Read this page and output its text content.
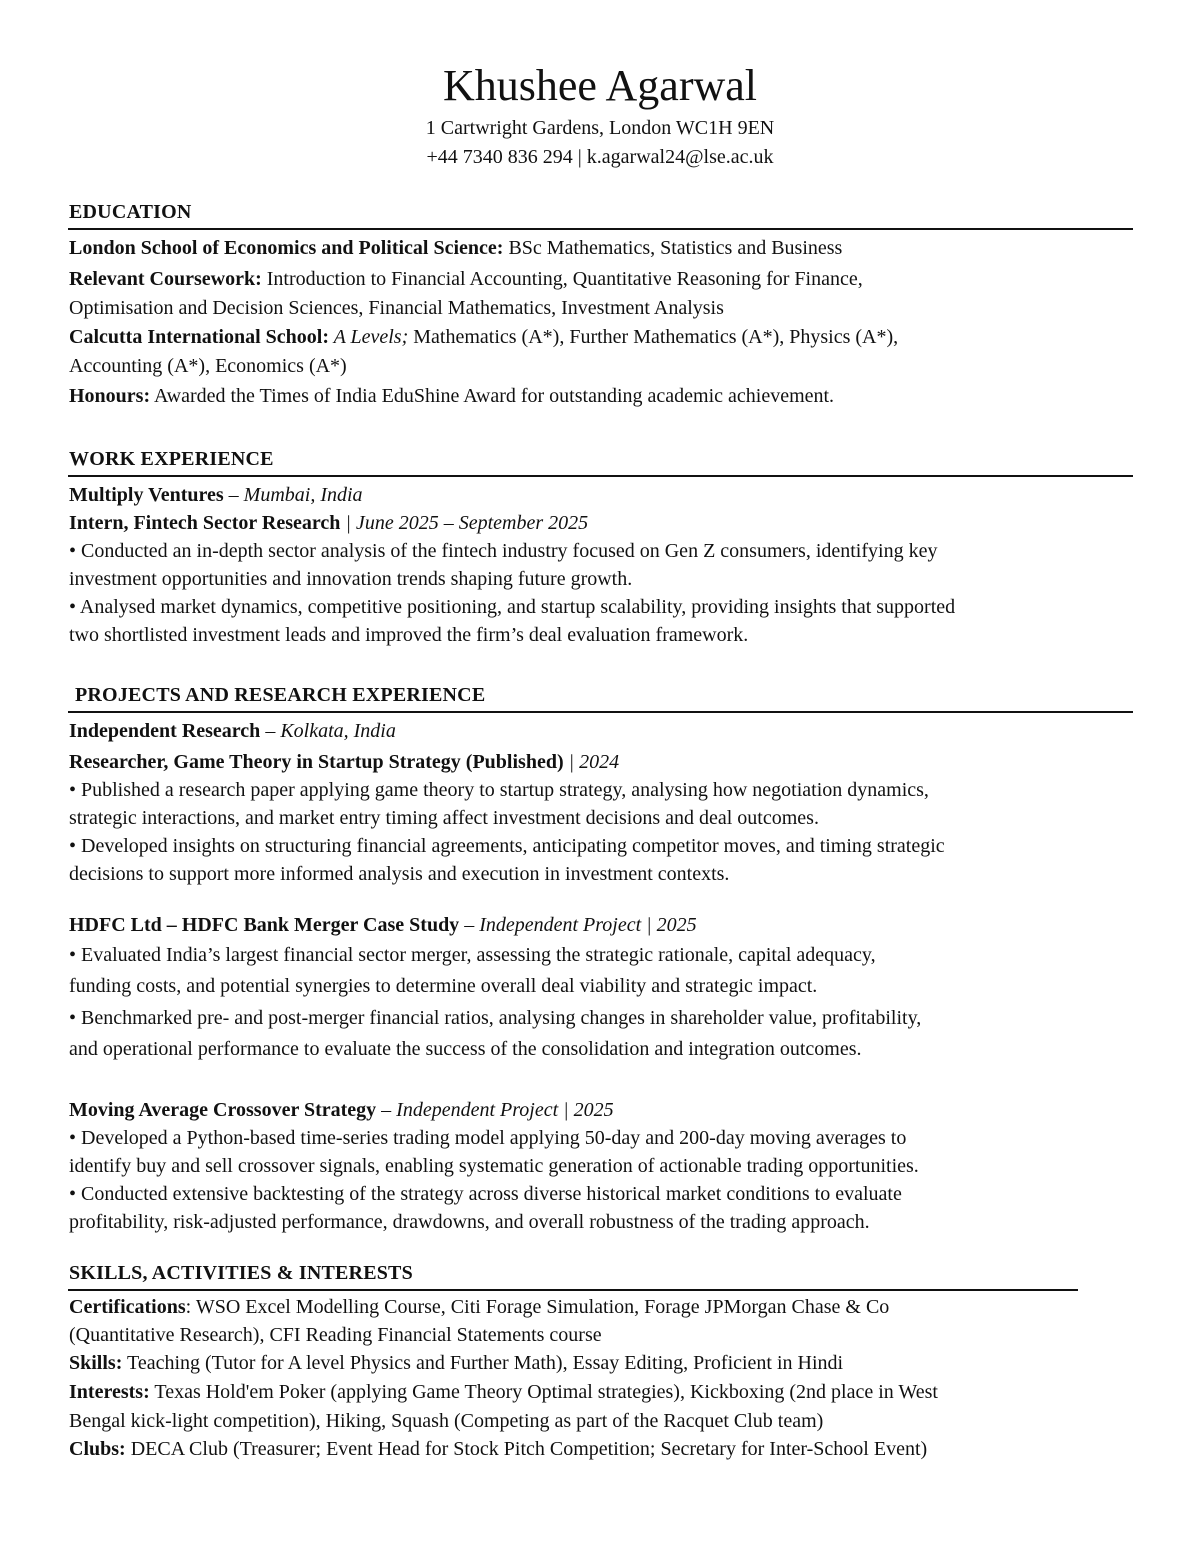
Khushee Agarwal
1 Cartwright Gardens, London WC1H 9EN
+44 7340 836 294 | k.agarwal24@lse.ac.uk
EDUCATION
London School of Economics and Political Science: BSc Mathematics, Statistics and Business
Relevant Coursework: Introduction to Financial Accounting, Quantitative Reasoning for Finance,
Optimisation and Decision Sciences, Financial Mathematics, Investment Analysis
Calcutta International School: A Levels; Mathematics (A*), Further Mathematics (A*), Physics (A*),
Accounting (A*), Economics (A*)
Honours: Awarded the Times of India EduShine Award for outstanding academic achievement.
WORK EXPERIENCE
Multiply Ventures – Mumbai, India
Intern, Fintech Sector Research | June 2025 – September 2025
• Conducted an in-depth sector analysis of the fintech industry focused on Gen Z consumers, identifying key
investment opportunities and innovation trends shaping future growth.
• Analysed market dynamics, competitive positioning, and startup scalability, providing insights that supported
two shortlisted investment leads and improved the firm’s deal evaluation framework.
PROJECTS AND RESEARCH EXPERIENCE
Independent Research – Kolkata, India
Researcher, Game Theory in Startup Strategy (Published) | 2024
• Published a research paper applying game theory to startup strategy, analysing how negotiation dynamics,
strategic interactions, and market entry timing affect investment decisions and deal outcomes.
• Developed insights on structuring financial agreements, anticipating competitor moves, and timing strategic
decisions to support more informed analysis and execution in investment contexts.
HDFC Ltd – HDFC Bank Merger Case Study – Independent Project | 2025
• Evaluated India’s largest financial sector merger, assessing the strategic rationale, capital adequacy,
funding costs, and potential synergies to determine overall deal viability and strategic impact.
• Benchmarked pre- and post-merger financial ratios, analysing changes in shareholder value, profitability,
and operational performance to evaluate the success of the consolidation and integration outcomes.
Moving Average Crossover Strategy – Independent Project | 2025
• Developed a Python-based time-series trading model applying 50-day and 200-day moving averages to
identify buy and sell crossover signals, enabling systematic generation of actionable trading opportunities.
• Conducted extensive backtesting of the strategy across diverse historical market conditions to evaluate
profitability, risk-adjusted performance, drawdowns, and overall robustness of the trading approach.
SKILLS, ACTIVITIES & INTERESTS
Certifications: WSO Excel Modelling Course, Citi Forage Simulation, Forage JPMorgan Chase & Co
(Quantitative Research), CFI Reading Financial Statements course
Skills: Teaching (Tutor for A level Physics and Further Math), Essay Editing, Proficient in Hindi
Interests: Texas Hold'em Poker (applying Game Theory Optimal strategies), Kickboxing (2nd place in West
Bengal kick-light competition), Hiking, Squash (Competing as part of the Racquet Club team)
Clubs: DECA Club (Treasurer; Event Head for Stock Pitch Competition; Secretary for Inter-School Event)
